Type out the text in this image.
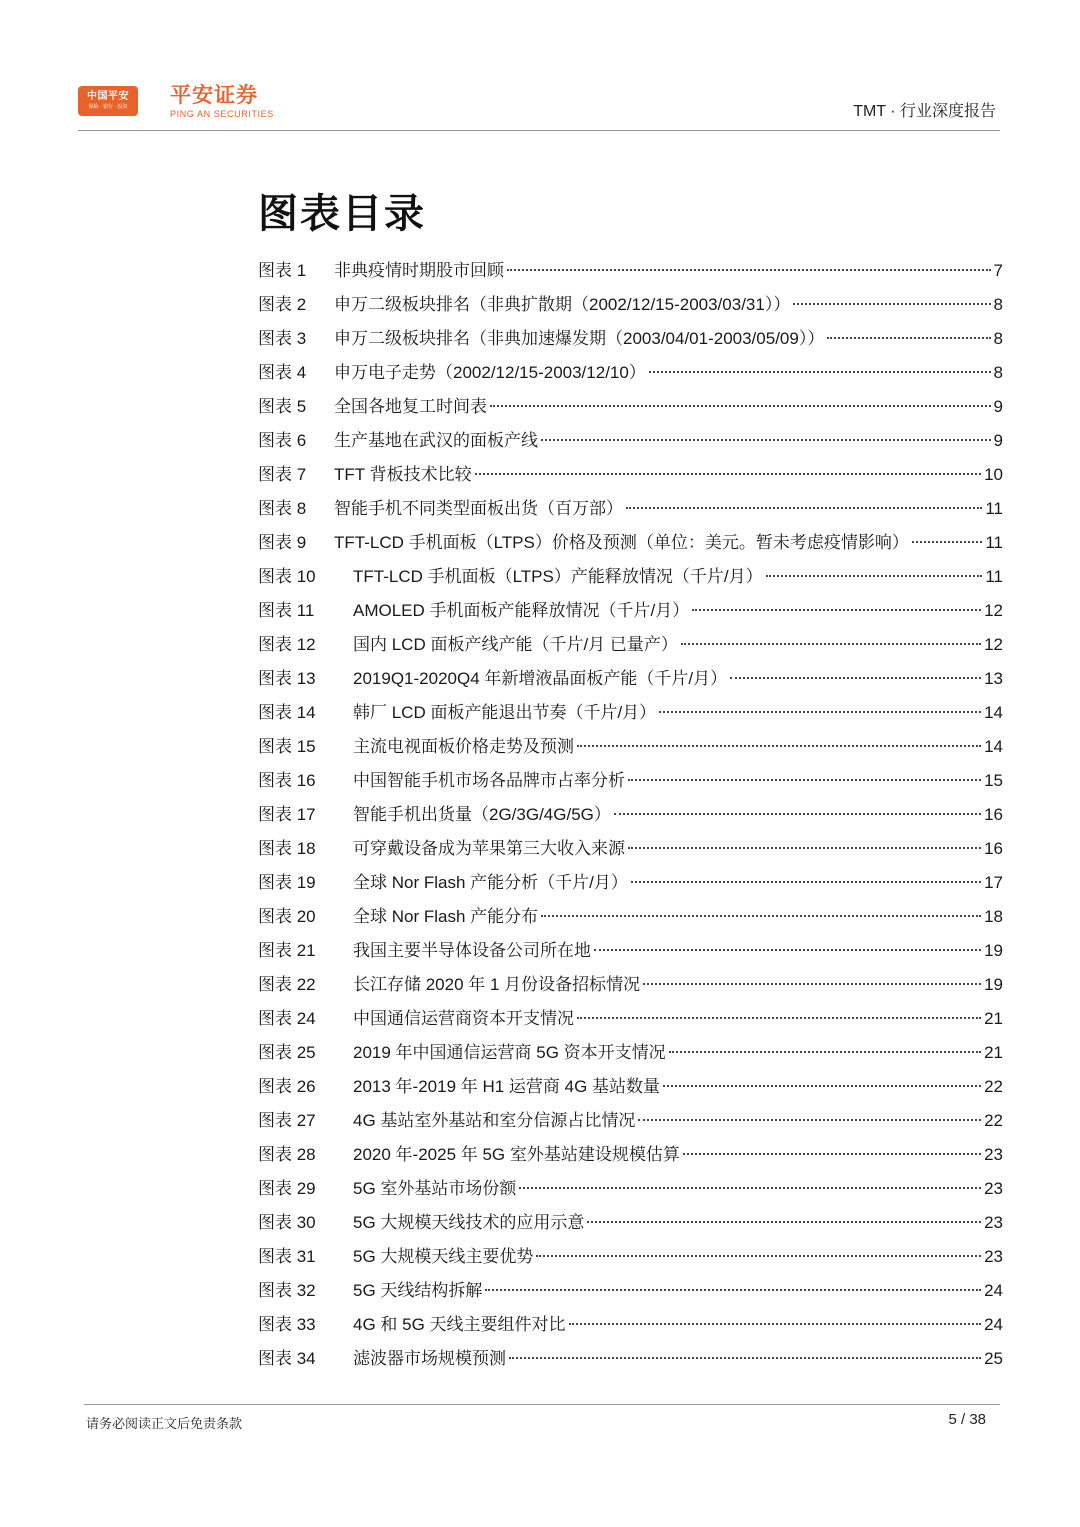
中国平安
保险 · 银行 · 投资 平安证券
PING AN SECURITIES	TMT · 行业深度报告
图表目录
图表 1	非典疫情时期股市回顾	7
图表 2	申万二级板块排名（非典扩散期（2002/12/15-2003/03/31））	8
图表 3	申万二级板块排名（非典加速爆发期（2003/04/01-2003/05/09））	8
图表 4	申万电子走势（2002/12/15-2003/12/10）	8
图表 5	全国各地复工时间表	9
图表 6	生产基地在武汉的面板产线	9
图表 7	TFT 背板技术比较	10
图表 8	智能手机不同类型面板出货（百万部）	11
图表 9	TFT-LCD 手机面板（LTPS）价格及预测（单位：美元。暂未考虑疫情影响）	11
图表 10	TFT-LCD 手机面板（LTPS）产能释放情况（千片/月）	11
图表 11	AMOLED 手机面板产能释放情况（千片/月）	12
图表 12	国内 LCD 面板产线产能（千片/月 已量产）	12
图表 13	2019Q1-2020Q4 年新增液晶面板产能（千片/月）	13
图表 14	韩厂 LCD 面板产能退出节奏（千片/月）	14
图表 15	主流电视面板价格走势及预测	14
图表 16	中国智能手机市场各品牌市占率分析	15
图表 17	智能手机出货量（2G/3G/4G/5G）	16
图表 18	可穿戴设备成为苹果第三大收入来源	16
图表 19	全球 Nor Flash 产能分析（千片/月）	17
图表 20	全球 Nor Flash 产能分布	18
图表 21	我国主要半导体设备公司所在地	19
图表 22	长江存储 2020 年 1 月份设备招标情况	19
图表 24	中国通信运营商资本开支情况	21
图表 25	2019 年中国通信运营商 5G 资本开支情况	21
图表 26	2013 年-2019 年 H1 运营商 4G 基站数量	22
图表 27	4G 基站室外基站和室分信源占比情况	22
图表 28	2020 年-2025 年 5G 室外基站建设规模估算	23
图表 29	5G 室外基站市场份额	23
图表 30	5G 大规模天线技术的应用示意	23
图表 31	5G 大规模天线主要优势	23
图表 32	5G 天线结构拆解	24
图表 33	4G 和 5G 天线主要组件对比	24
图表 34	滤波器市场规模预测	25
请务必阅读正文后免责条款	5 / 38
